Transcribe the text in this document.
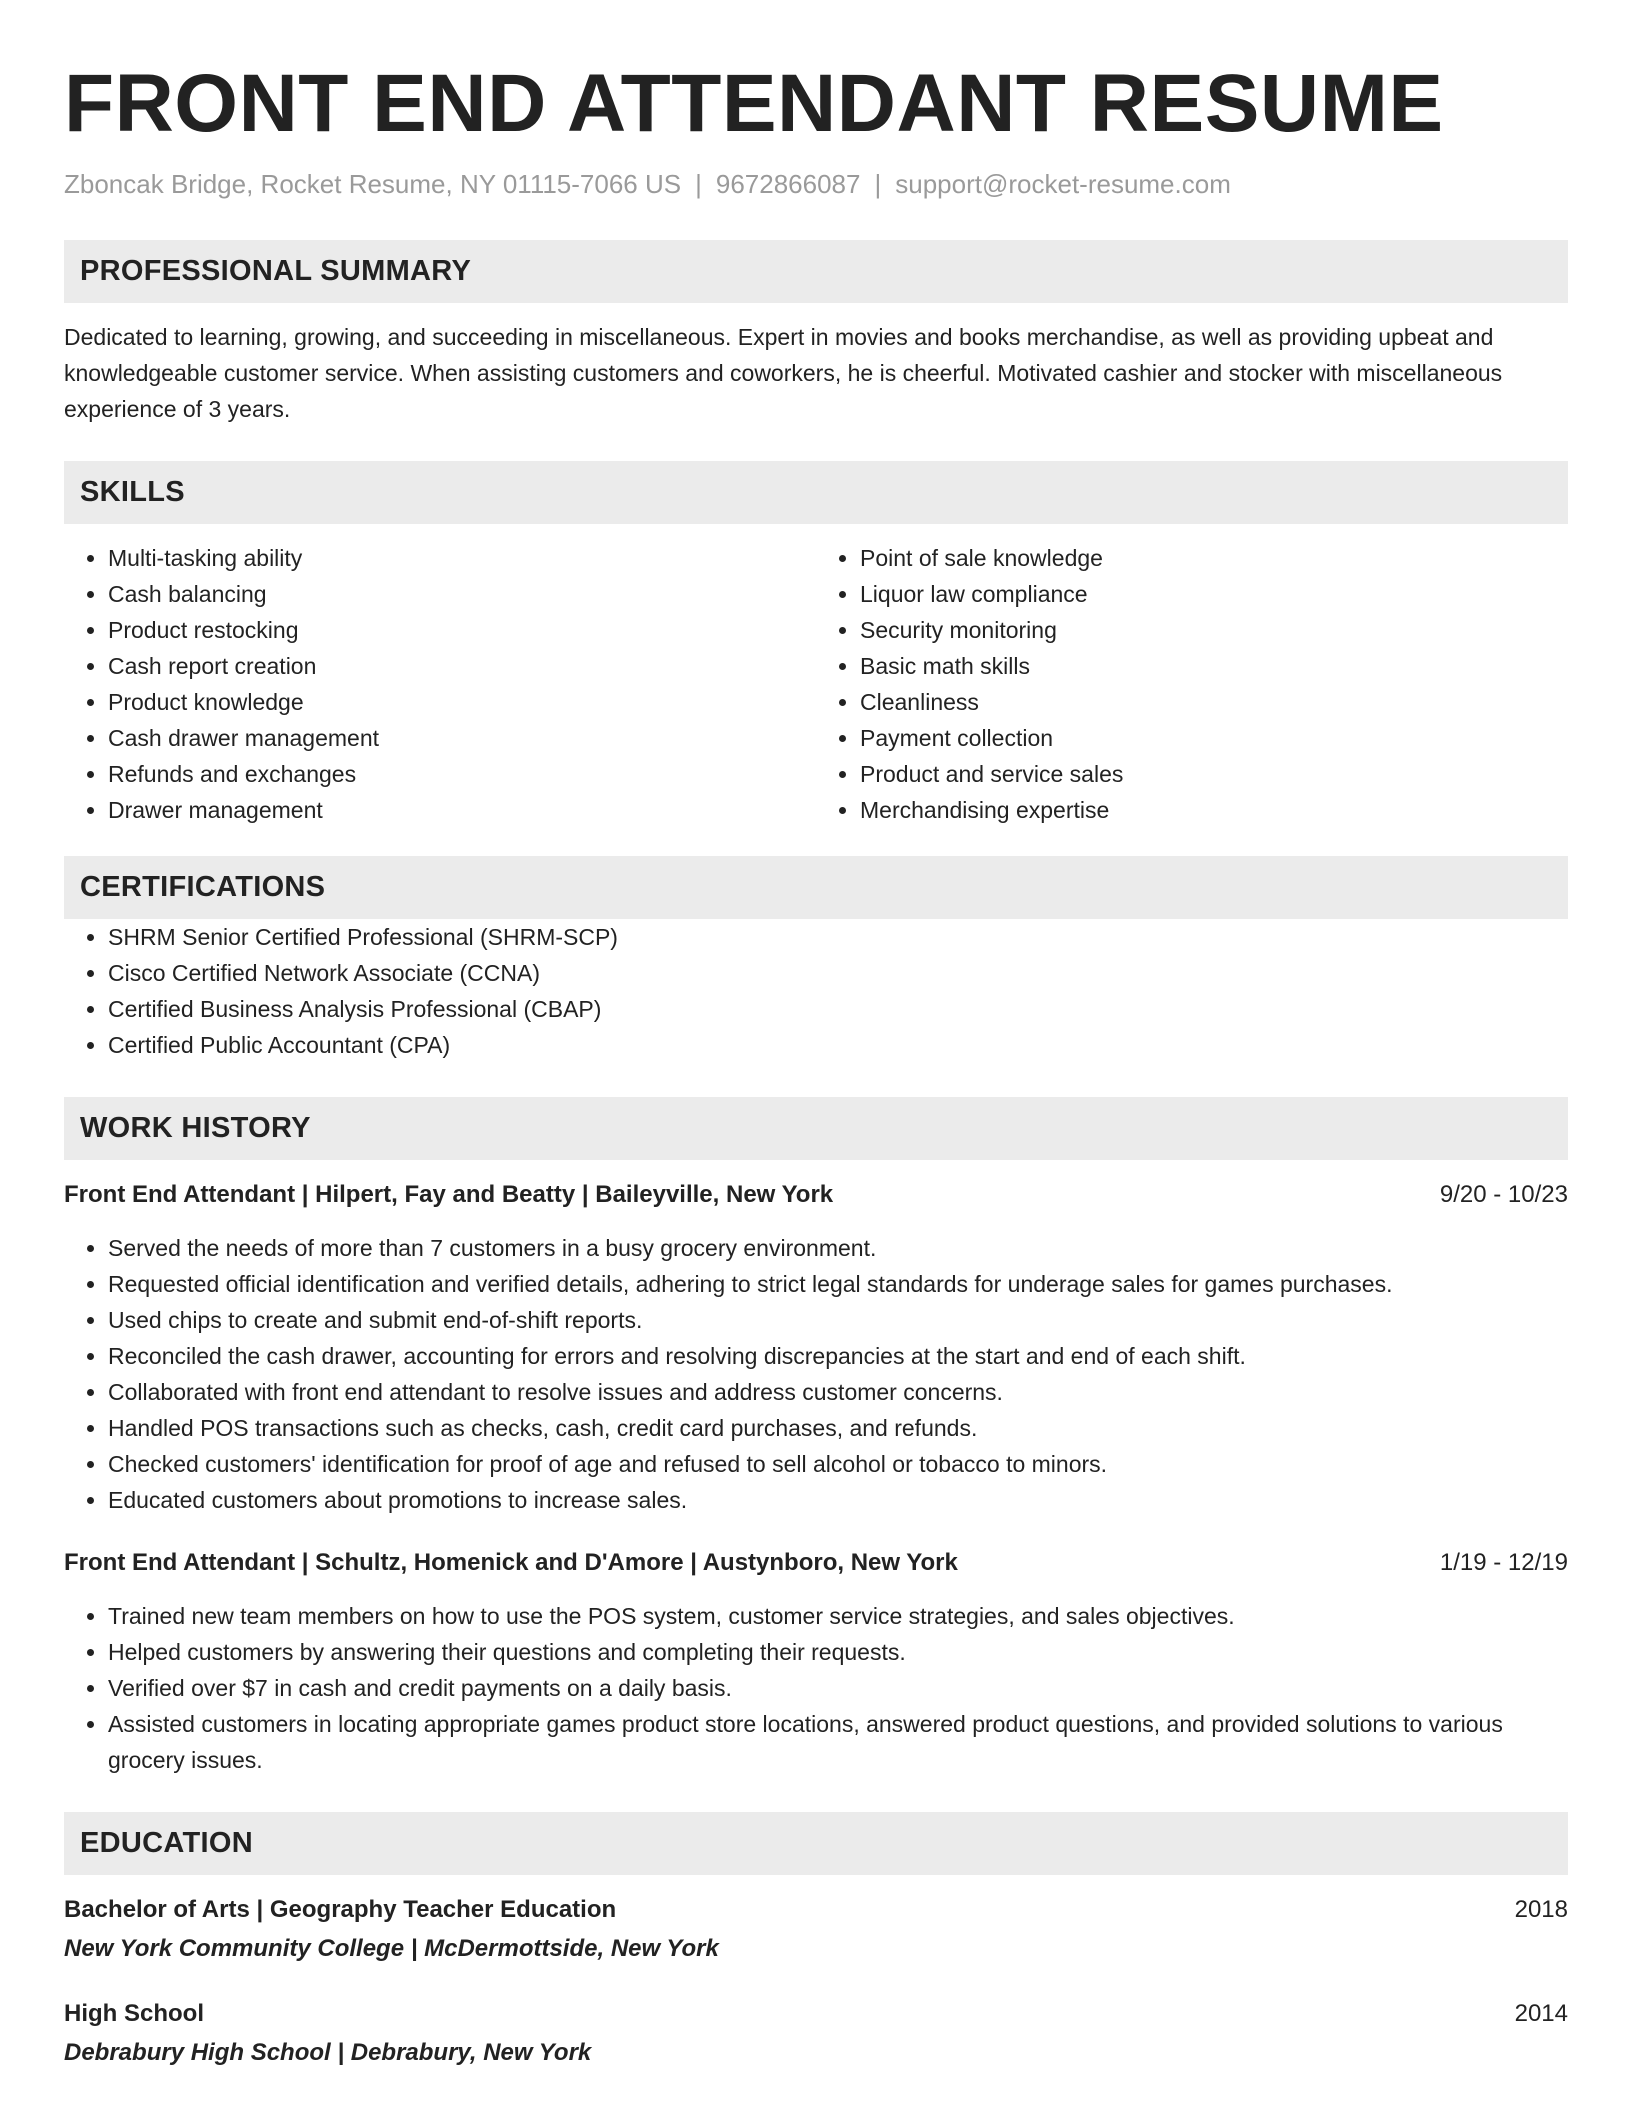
FRONT END ATTENDANT RESUME
Zboncak Bridge, Rocket Resume, NY 01115-7066 US | 9672866087 | support@rocket-resume.com
PROFESSIONAL SUMMARY

Dedicated to learning, growing, and succeeding in miscellaneous. Expert in movies and books merchandise, as well as providing upbeat and knowledgeable customer service. When assisting customers and coworkers, he is cheerful. Motivated cashier and stocker with miscellaneous experience of 3 years.

SKILLS
• Multi-tasking ability
• Cash balancing
• Product restocking
• Cash report creation
• Product knowledge
• Cash drawer management
• Refunds and exchanges
• Drawer management
• Point of sale knowledge
• Liquor law compliance
• Security monitoring
• Basic math skills
• Cleanliness
• Payment collection
• Product and service sales
• Merchandising expertise
CERTIFICATIONS
• SHRM Senior Certified Professional (SHRM-SCP)
• Cisco Certified Network Associate (CCNA)
• Certified Business Analysis Professional (CBAP)
• Certified Public Accountant (CPA)
WORK HISTORY
Front End Attendant | Hilpert, Fay and Beatty | Baileyville, New York	9/20 - 10/23
• Served the needs of more than 7 customers in a busy grocery environment.
• Requested official identification and verified details, adhering to strict legal standards for underage sales for games purchases.
• Used chips to create and submit end-of-shift reports.
• Reconciled the cash drawer, accounting for errors and resolving discrepancies at the start and end of each shift.
• Collaborated with front end attendant to resolve issues and address customer concerns.
• Handled POS transactions such as checks, cash, credit card purchases, and refunds.
• Checked customers' identification for proof of age and refused to sell alcohol or tobacco to minors.
• Educated customers about promotions to increase sales.
Front End Attendant | Schultz, Homenick and D'Amore | Austynboro, New York	1/19 - 12/19
• Trained new team members on how to use the POS system, customer service strategies, and sales objectives.
• Helped customers by answering their questions and completing their requests.
• Verified over $7 in cash and credit payments on a daily basis.
• Assisted customers in locating appropriate games product store locations, answered product questions, and provided solutions to various grocery issues.
EDUCATION
Bachelor of Arts | Geography Teacher Education	2018
New York Community College | McDermottside, New York
High School	2014
Debrabury High School | Debrabury, New York
